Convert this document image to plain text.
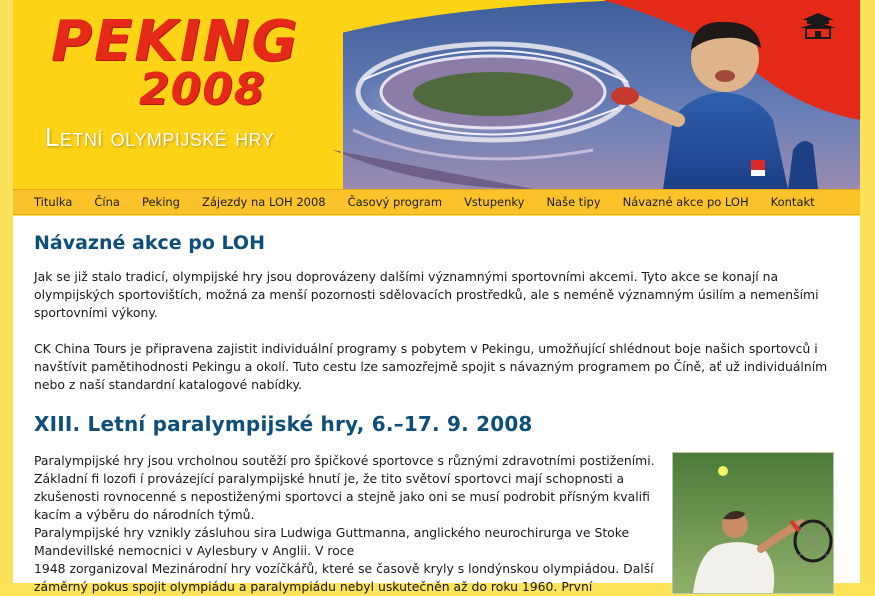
PEKING
2008
Letní olympijské hry
china tours
Titulka	Čína	Peking	Zájezdy na LOH 2008	Časový program	Vstupenky	Naše tipy	Návazné akce po LOH	Kontakt
Návazné akce po LOH

Jak se již stalo tradicí, olympijské hry jsou doprovázeny dalšími významnými sportovními akcemi. Tyto akce se konají na olympijských sportovištích, možná za menší pozornosti sdělovacích prostředků, ale s neméně významným úsilím a nemenšími sportovními výkony.

CK China Tours je připravena zajistit individuální programy s pobytem v Pekingu, umožňující shlédnout boje našich sportovců i navštívit pamětihodnosti Pekingu a okolí. Tuto cestu lze samozřejmě spojit s návazným programem po Číně, ať už individuálním nebo z naší standardní katalogové nabídky.

XIII. Letní paralympijské hry, 6.–17. 9. 2008

Paralympijské hry jsou vrcholnou soutěží pro špičkové sportovce s různými zdravotními postiženími. Základní fi lozofi í provázející paralympijské hnutí je, že tito světoví sportovci mají schopnosti a zkušenosti rovnocenné s nepostiženými sportovci a stejně jako oni se musí podrobit přísným kvalifi kacím a výběru do národních týmů.

Paralympijské hry vznikly zásluhou sira Ludwiga Guttmanna, anglického neurochirurga ve Stoke Mandevillské nemocnici v Aylesbury v Anglii. V roce

1948 zorganizoval Mezinárodní hry vozíčkářů, které se časově kryly s londýnskou olympiádou. Další záměrný pokus spojit olympiádu a paralympiádu nebyl uskutečněn až do roku 1960. První
